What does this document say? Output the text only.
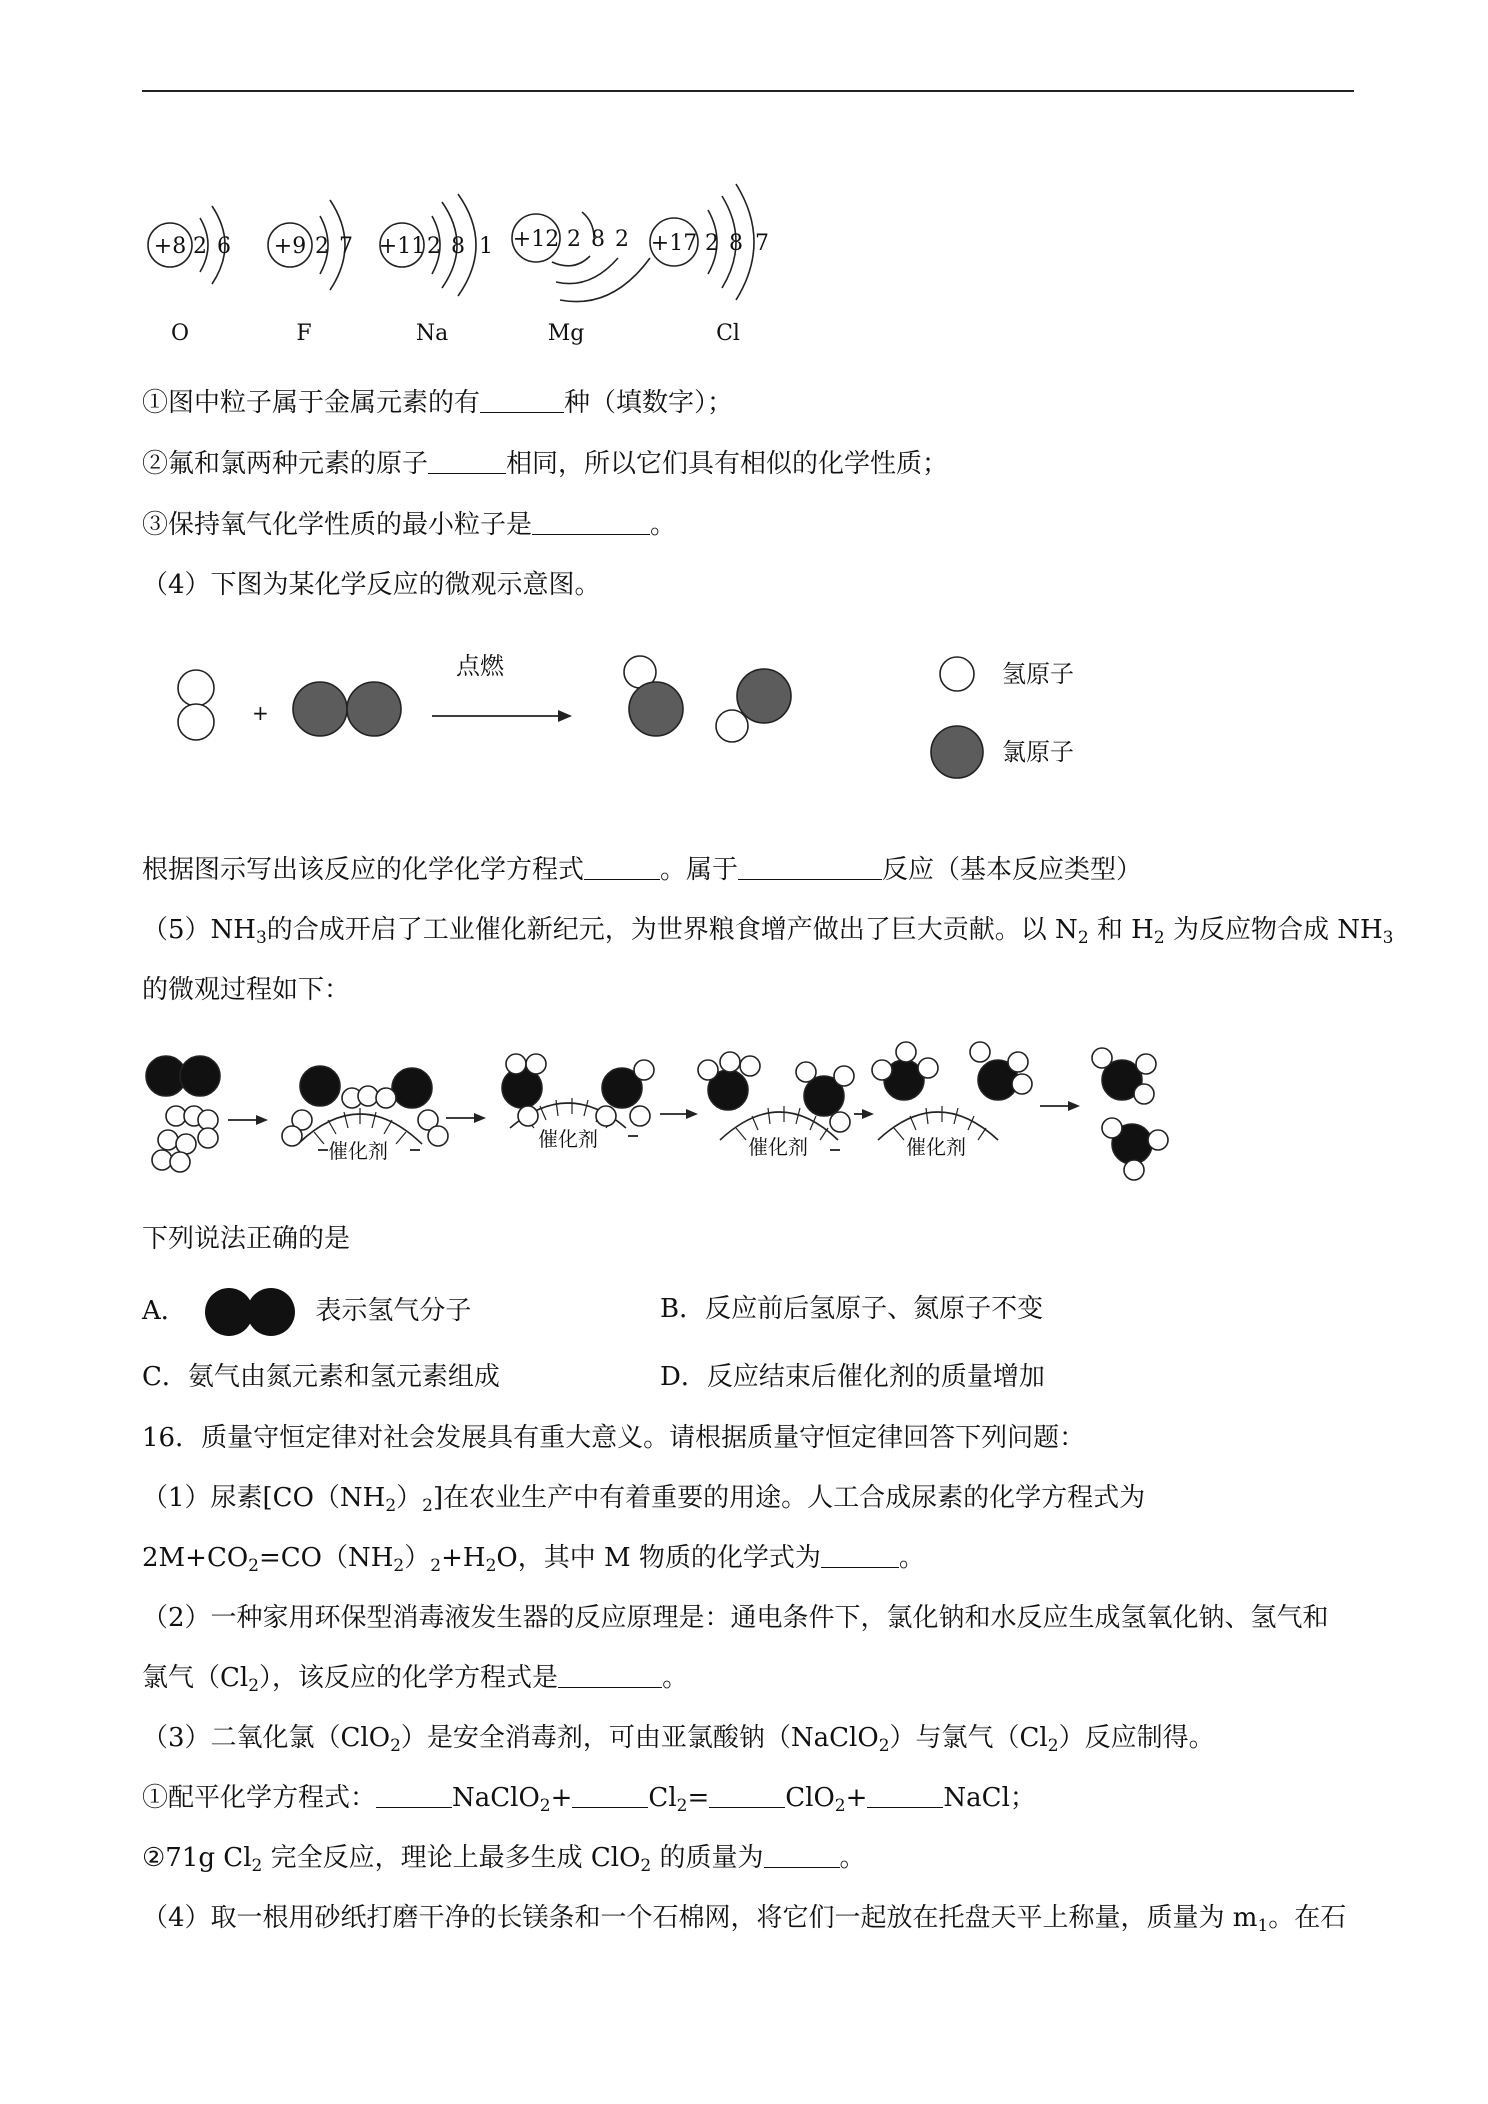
+8 2 6 +9 2 7 +11 2 8 1 +12 2 8 2 +17 2 8 7
O	F	Na	Mg	Cl
①图中粒子属于金属元素的有	种（填数字）；
②氟和氯两种元素的原子	相同，所以它们具有相似的化学性质；
③保持氧气化学性质的最小粒子是	。
（4）下图为某化学反应的微观示意图。
+
点燃	氢原子
氯原子
根据图示写出该反应的化学化学方程式	。属于	反应（基本反应类型）
$(5)NH_3$的合成开启了工业催化新纪元，为世界粮食增产做出了巨大贡献。以 $N_2$ 和 $H_2$ 为反应物合成 $NH_3$
的微观过程如下：
催化剂	催化剂	催化剂	催化剂
下列说法正确的是
A．	表示氢气分子	B．反应前后氢原子、氮原子不变
C．氨气由氮元素和氢元素组成	D．反应结束后催化剂的质量增加
16．质量守恒定律对社会发展具有重大意义。请根据质量守恒定律回答下列问题：
（1）尿素$[CO(NH_2)_2]$在农业生产中有着重要的用途。人工合成尿素的化学方程式为
$2M+CO_2=CO(NH_2)_2+H_2O$，其中 M 物质的化学式为	。
（2）一种家用环保型消毒液发生器的反应原理是：通电条件下，氯化钠和水反应生成氢氧化钠、氢气和
氯气$(Cl_2)$，该反应的化学方程式是	。
（3）二氧化氯（ClO$_2$）是安全消毒剂，可由亚氯酸钠（NaClO$_2$）与氯气$(Cl_2)$反应制得。
①配平化学方程式：	NaClO$_2$+	$Cl_2=$	ClO$_2$+	NaCl；
②71g $Cl_2$ 完全反应，理论上最多生成 ClO$_2$ 的质量为	。
（4）取一根用砂纸打磨干净的长镁条和一个石棉网，将它们一起放在托盘天平上称量，质量为 $m_1$。在石
